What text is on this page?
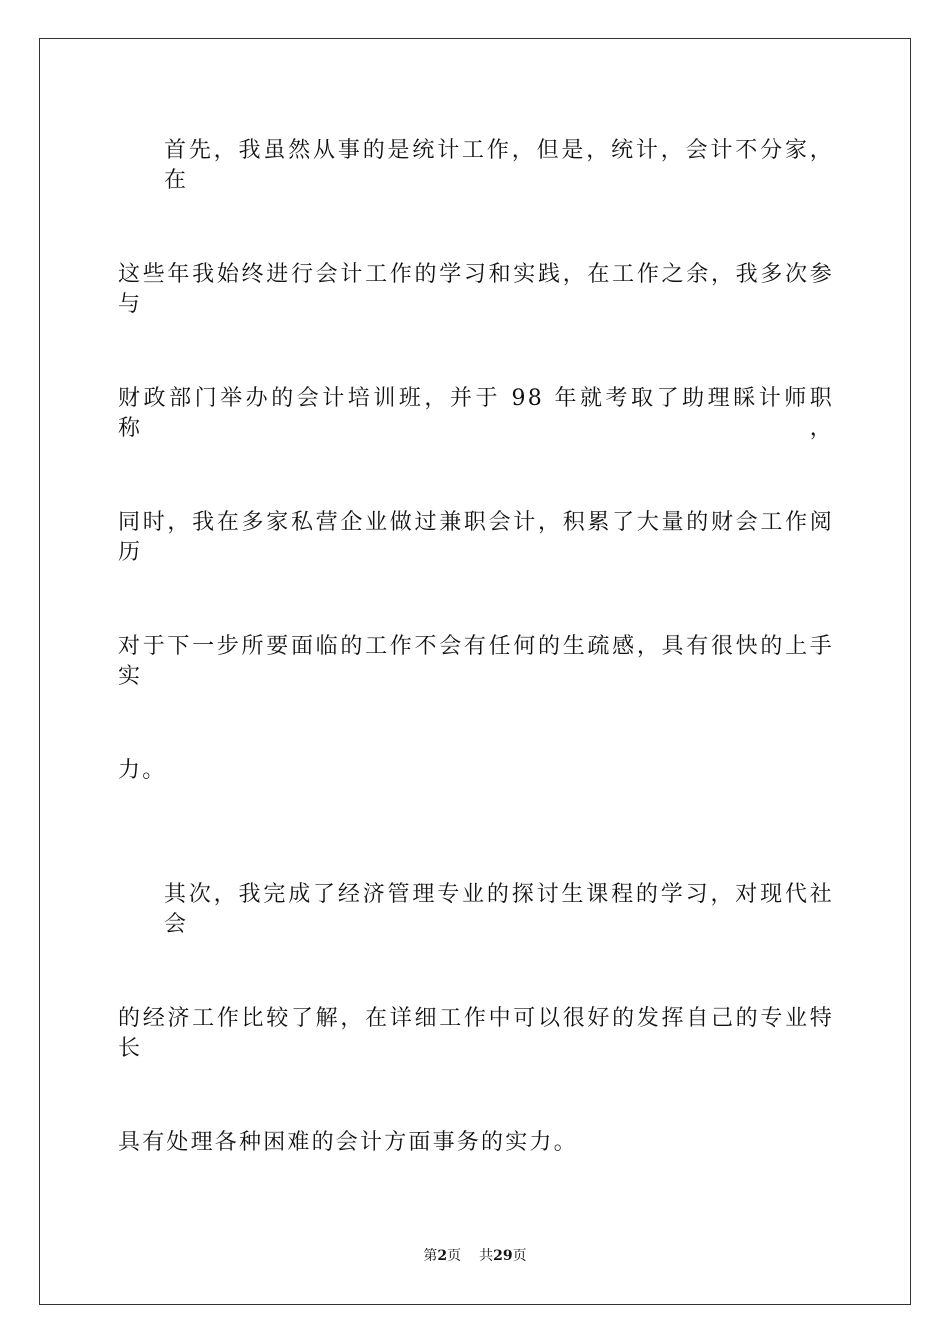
首先，我虽然从事的是统计工作，但是，统计，会计不分家，在
这些年我始终进行会计工作的学习和实践，在工作之余，我多次参与
财政部门举办的会计培训班，并于 98 年就考取了助理睬计师职称，
同时，我在多家私营企业做过兼职会计，积累了大量的财会工作阅历
对于下一步所要面临的工作不会有任何的生疏感，具有很快的上手实
力。
其次，我完成了经济管理专业的探讨生课程的学习，对现代社会
的经济工作比较了解，在详细工作中可以很好的发挥自己的专业特长
具有处理各种困难的会计方面事务的实力。
第2页 共29页
